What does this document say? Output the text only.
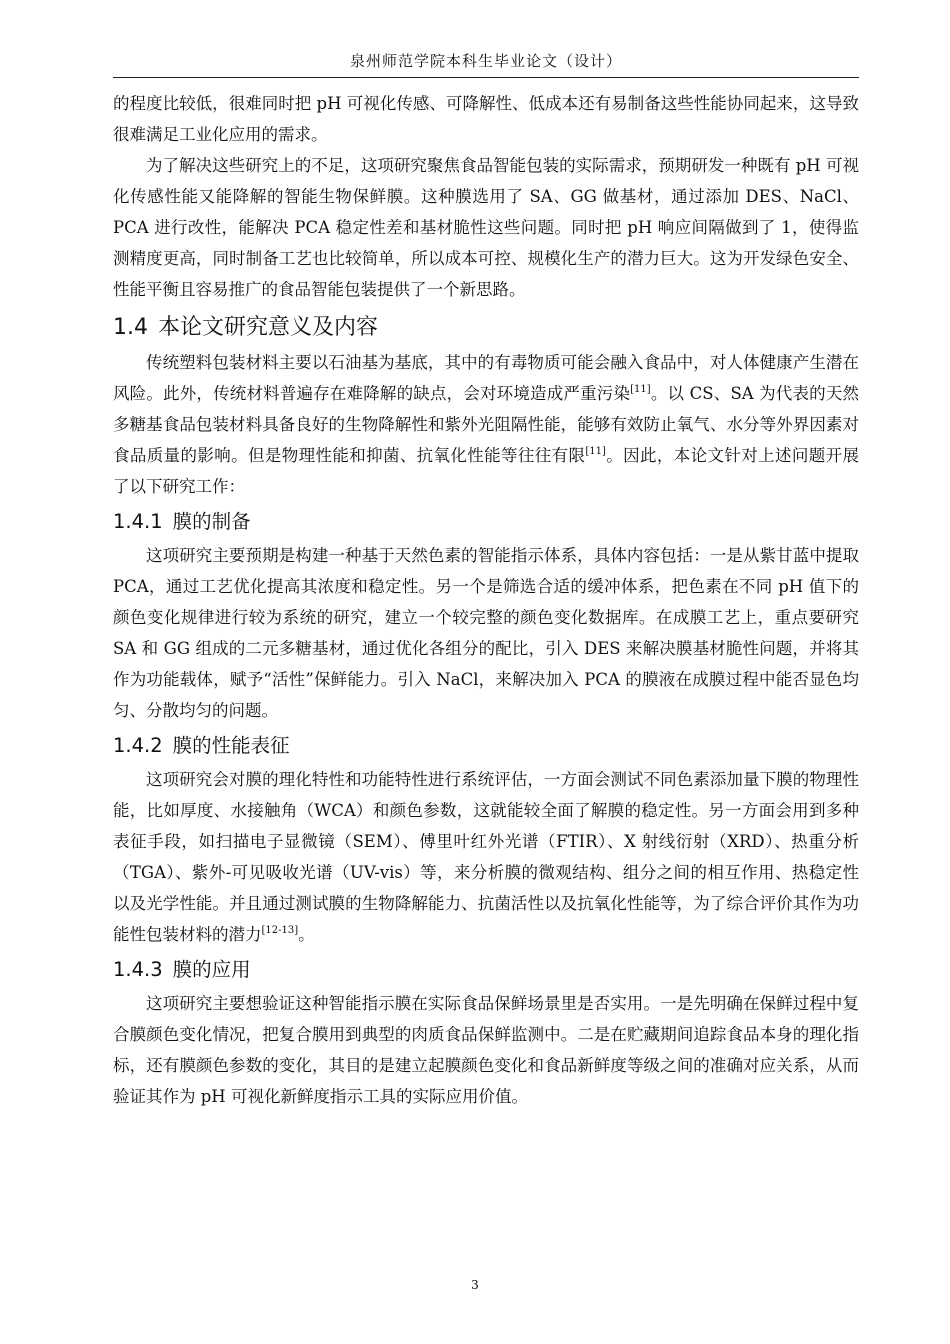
泉州师范学院本科生毕业论文（设计）

的程度比较低，很难同时把 pH 可视化传感、可降解性、低成本还有易制备这些性能协同起来，这导致很难满足工业化应用的需求。

为了解决这些研究上的不足，这项研究聚焦食品智能包装的实际需求，预期研发一种既有 pH 可视化传感性能又能降解的智能生物保鲜膜。这种膜选用了 SA、GG 做基材，通过添加 DES、NaCl、PCA 进行改性，能解决 PCA 稳定性差和基材脆性这些问题。同时把 pH 响应间隔做到了 1，使得监测精度更高，同时制备工艺也比较简单，所以成本可控、规模化生产的潜力巨大。这为开发绿色安全、性能平衡且容易推广的食品智能包装提供了一个新思路。

1.4 本论文研究意义及内容

传统塑料包装材料主要以石油基为基底，其中的有毒物质可能会融入食品中，对人体健康产生潜在风险。此外，传统材料普遍存在难降解的缺点，会对环境造成严重污染[11]。以 CS、SA 为代表的天然多糖基食品包装材料具备良好的生物降解性和紫外光阻隔性能，能够有效防止氧气、水分等外界因素对食品质量的影响。但是物理性能和抑菌、抗氧化性能等往往有限[11]。因此，本论文针对上述问题开展了以下研究工作：

1.4.1 膜的制备

这项研究主要预期是构建一种基于天然色素的智能指示体系，具体内容包括：一是从紫甘蓝中提取 PCA，通过工艺优化提高其浓度和稳定性。另一个是筛选合适的缓冲体系，把色素在不同 pH 值下的颜色变化规律进行较为系统的研究，建立一个较完整的颜色变化数据库。在成膜工艺上，重点要研究 SA 和 GG 组成的二元多糖基材，通过优化各组分的配比，引入 DES 来解决膜基材脆性问题，并将其作为功能载体，赋予“活性”保鲜能力。引入 NaCl，来解决加入 PCA 的膜液在成膜过程中能否显色均匀、分散均匀的问题。

1.4.2 膜的性能表征

这项研究会对膜的理化特性和功能特性进行系统评估，一方面会测试不同色素添加量下膜的物理性能，比如厚度、水接触角（WCA）和颜色参数，这就能较全面了解膜的稳定性。另一方面会用到多种表征手段，如扫描电子显微镜（SEM）、傅里叶红外光谱（FTIR）、X 射线衍射（XRD）、热重分析（TGA）、紫外-可见吸收光谱（UV-vis）等，来分析膜的微观结构、组分之间的相互作用、热稳定性以及光学性能。并且通过测试膜的生物降解能力、抗菌活性以及抗氧化性能等，为了综合评价其作为功能性包装材料的潜力[12-13]。

1.4.3 膜的应用

这项研究主要想验证这种智能指示膜在实际食品保鲜场景里是否实用。一是先明确在保鲜过程中复合膜颜色变化情况，把复合膜用到典型的肉质食品保鲜监测中。二是在贮藏期间追踪食品本身的理化指标，还有膜颜色参数的变化，其目的是建立起膜颜色变化和食品新鲜度等级之间的准确对应关系，从而验证其作为 pH 可视化新鲜度指示工具的实际应用价值。

3
